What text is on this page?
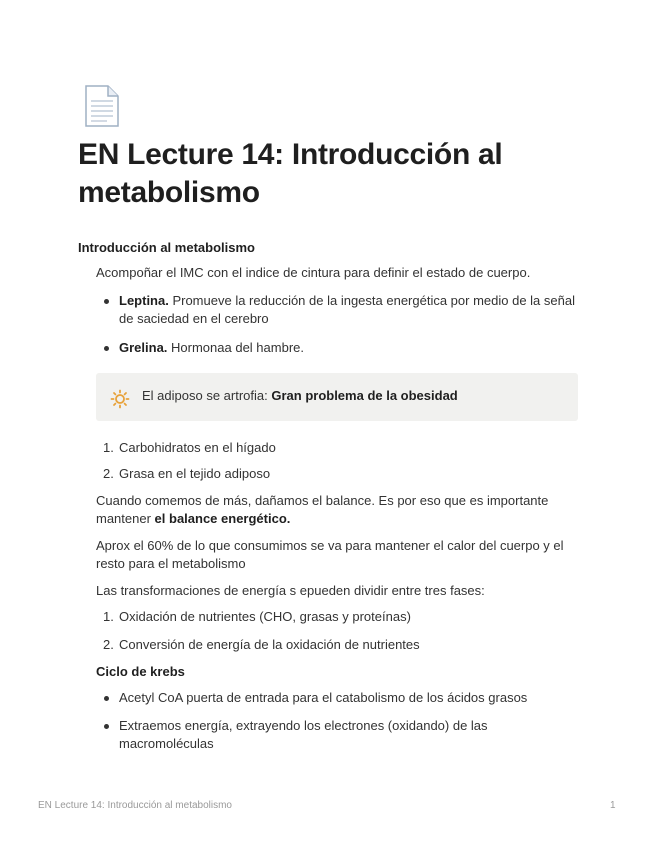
EN Lecture 14: Introducción al metabolismo
Introducción al metabolismo

Acompoñar el IMC con el indice de cintura para definir el estado de cuerpo.

Leptina. Promueve la reducción de la ingesta energética por medio de la señal de saciedad en el cerebro

Grelina. Hormonaa del hambre.

El adiposo se artrofia: Gran problema de la obesidad
1. Carbohidratos en el hígado

2. Grasa en el tejido adiposo

Cuando comemos de más, dañamos el balance. Es por eso que es importante mantener el balance energético.

Aprox el 60% de lo que consumimos se va para mantener el calor del cuerpo y el resto para el metabolismo

Las transformaciones de energía s epueden dividir entre tres fases:

1. Oxidación de nutrientes (CHO, grasas y proteínas)

2. Conversión de energía de la oxidación de nutrientes

Ciclo de krebs

Acetyl CoA puerta de entrada para el catabolismo de los ácidos grasos

Extraemos energía, extrayendo los electrones (oxidando) de las macromoléculas

EN Lecture 14: Introducción al metabolismo	1
